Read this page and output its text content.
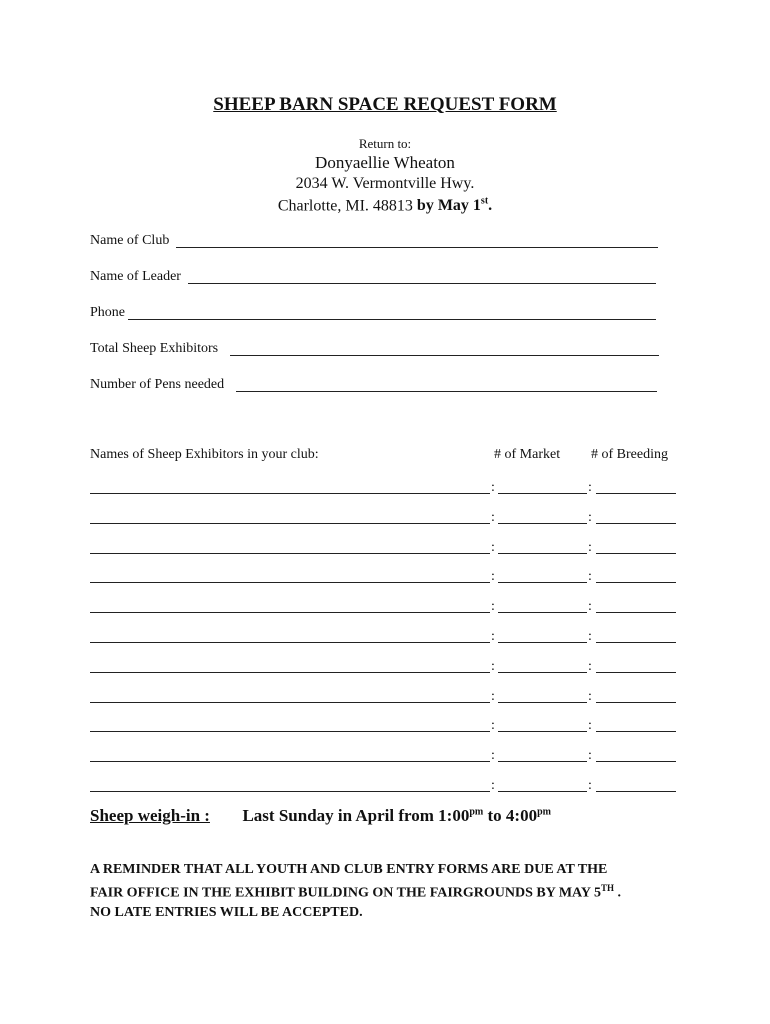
SHEEP BARN SPACE REQUEST FORM
Return to:
Donyaellie Wheaton
2034 W. Vermontville Hwy.
Charlotte, MI. 48813 by May 1st.
Name of Club
Name of Leader
Phone
Total Sheep Exhibitors
Number of Pens needed
Names of Sheep Exhibitors in your club:	# of Market # of Breeding
:	:
:	:
:	:
:	:
:	:
:	:
:	:
:	:
:	:
:	:
:	:
Sheep weigh-in : Last Sunday in April from $1:00^{pm}$ to $4:00^{pm}$
A REMINDER THAT ALL YOUTH AND CLUB ENTRY FORMS ARE DUE AT THE
FAIR OFFICE IN THE EXHIBIT BUILDING ON THE FAIRGROUNDS BY MAY 5TH .
NO LATE ENTRIES WILL BE ACCEPTED.
